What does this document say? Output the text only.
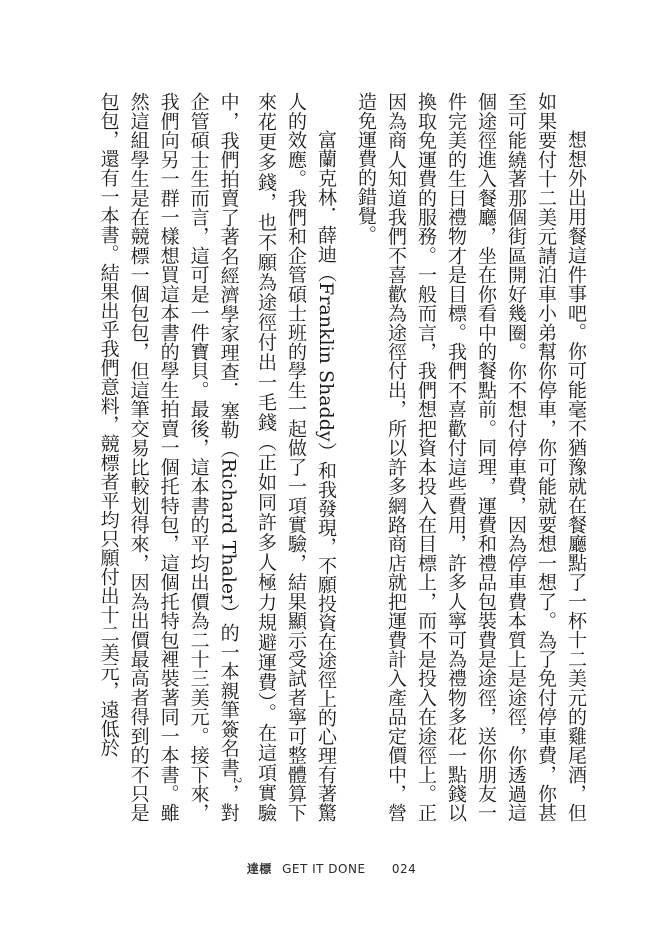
想想外出用餐這件事吧。你可能毫不猶豫就在餐廳點了一杯十二美元的雞尾酒，但如果要付十二美元請泊車小弟幫你停車，你可能就要想一想了。為了免付停車費，你甚至可能繞著那個街區開好幾圈。你不想付停車費，因為停車費本質上是途徑，你透過這個途徑進入餐廳，坐在你看中的餐點前。同理，運費和禮品包裝費是途徑，送你朋友一件完美的生日禮物才是目標。我們不喜歡付這些費用，許多人寧可為禮物多花一點錢以換取免運費的服務。一般而言，我們想把資本投入在目標上，而不是投入在途徑上。正因為商人知道我們不喜歡為途徑付出，所以許多網路商店就把運費計入產品定價中，營造免運費的錯覺。

富蘭克林．薛迪（Franklin Shaddy）和我發現，不願投資在途徑上的心理有著驚人的效應。我們和企管碩士班的學生一起做了一項實驗，結果顯示受試者寧可整體算下來花更多錢，也不願為途徑付出一毛錢（正如同許多人極力規避運費）。在這項實驗中，我們拍賣了著名經濟學家理查．塞勒（Richard Thaler）的一本親筆簽名書$^2$，對企管碩士生而言，這可是一件寶貝。最後，這本書的平均出價為二十三美元。接下來，我們向另一群一樣想買這本書的學生拍賣一個托特包，這個托特包裡裝著同一本書。雖然這組學生是在競標一個包包，但這筆交易比較划得來，因為出價最高者得到的不只是包包，還有一本書。結果出乎我們意料，競標者平均只願付出十二美元，遠低於

達標 GET IT DONE 024
